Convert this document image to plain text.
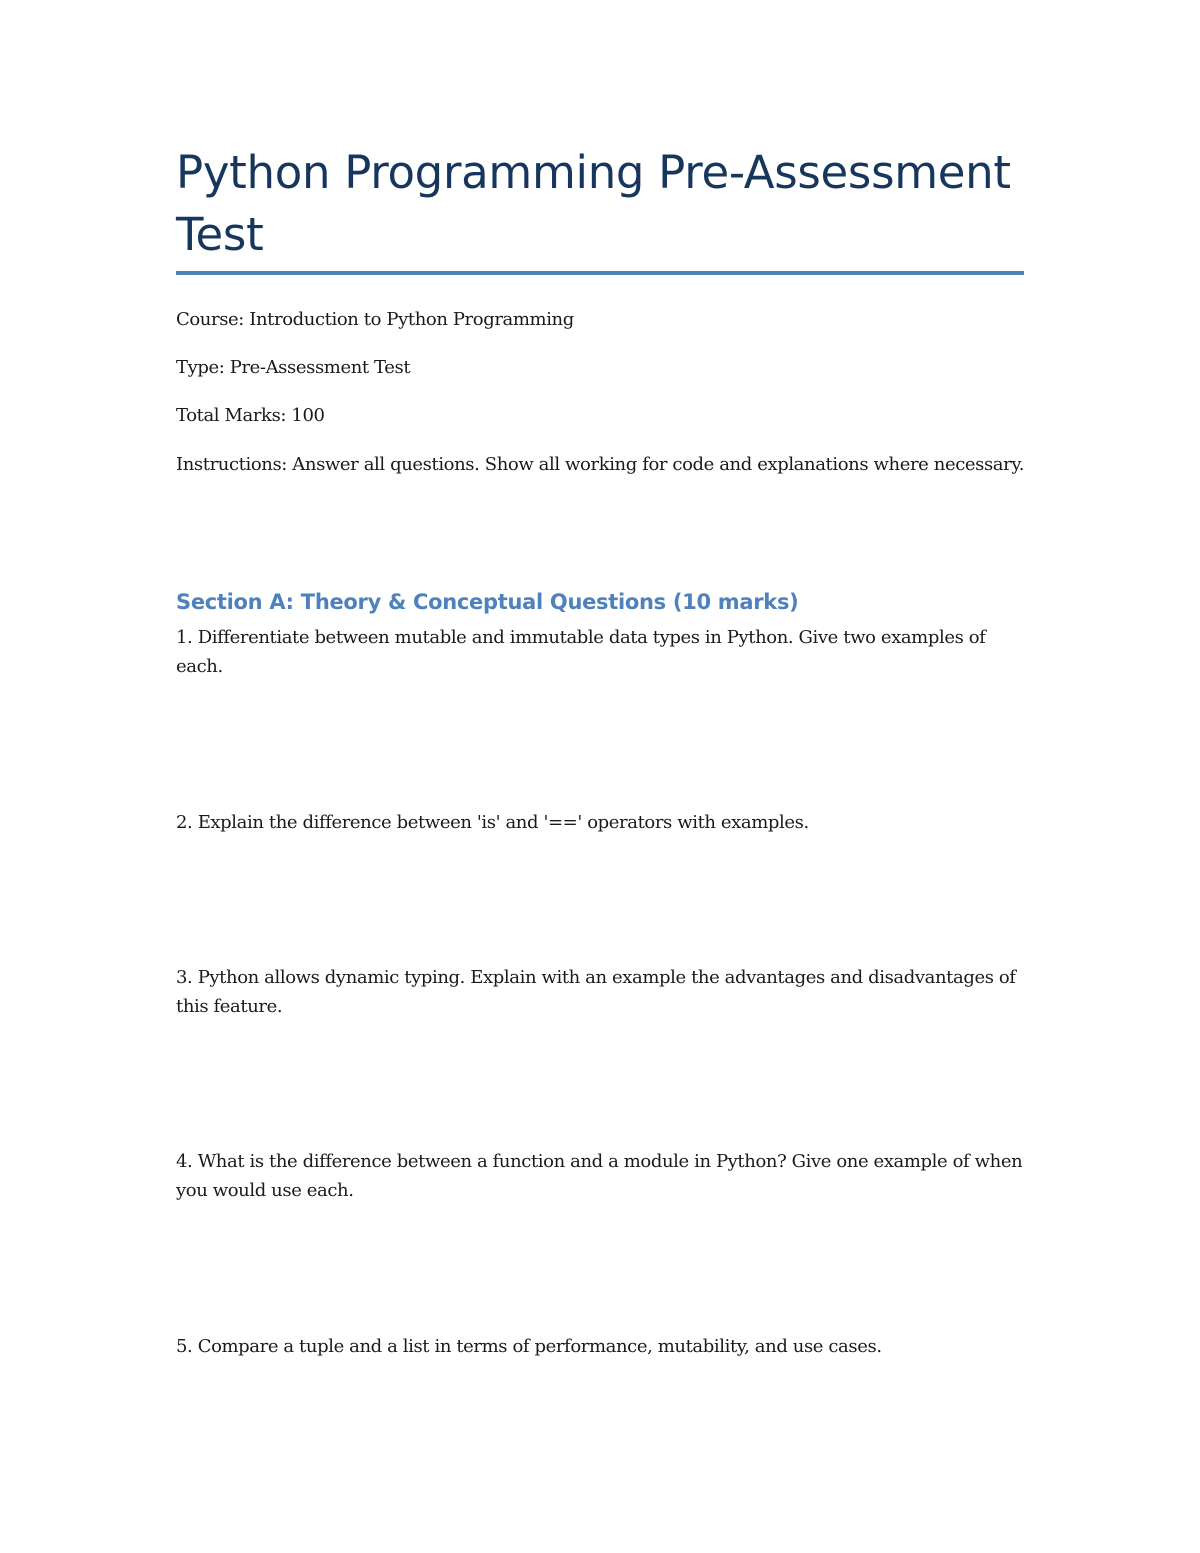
Python Programming Pre-Assessment Test

Course: Introduction to Python Programming

Type: Pre-Assessment Test

Total Marks: 100

Instructions: Answer all questions. Show all working for code and explanations where necessary.

Section A: Theory & Conceptual Questions (10 marks)

1. Differentiate between mutable and immutable data types in Python. Give two examples of each.

2. Explain the difference between 'is' and '==' operators with examples.

3. Python allows dynamic typing. Explain with an example the advantages and disadvantages of this feature.

4. What is the difference between a function and a module in Python? Give one example of when you would use each.

5. Compare a tuple and a list in terms of performance, mutability, and use cases.
